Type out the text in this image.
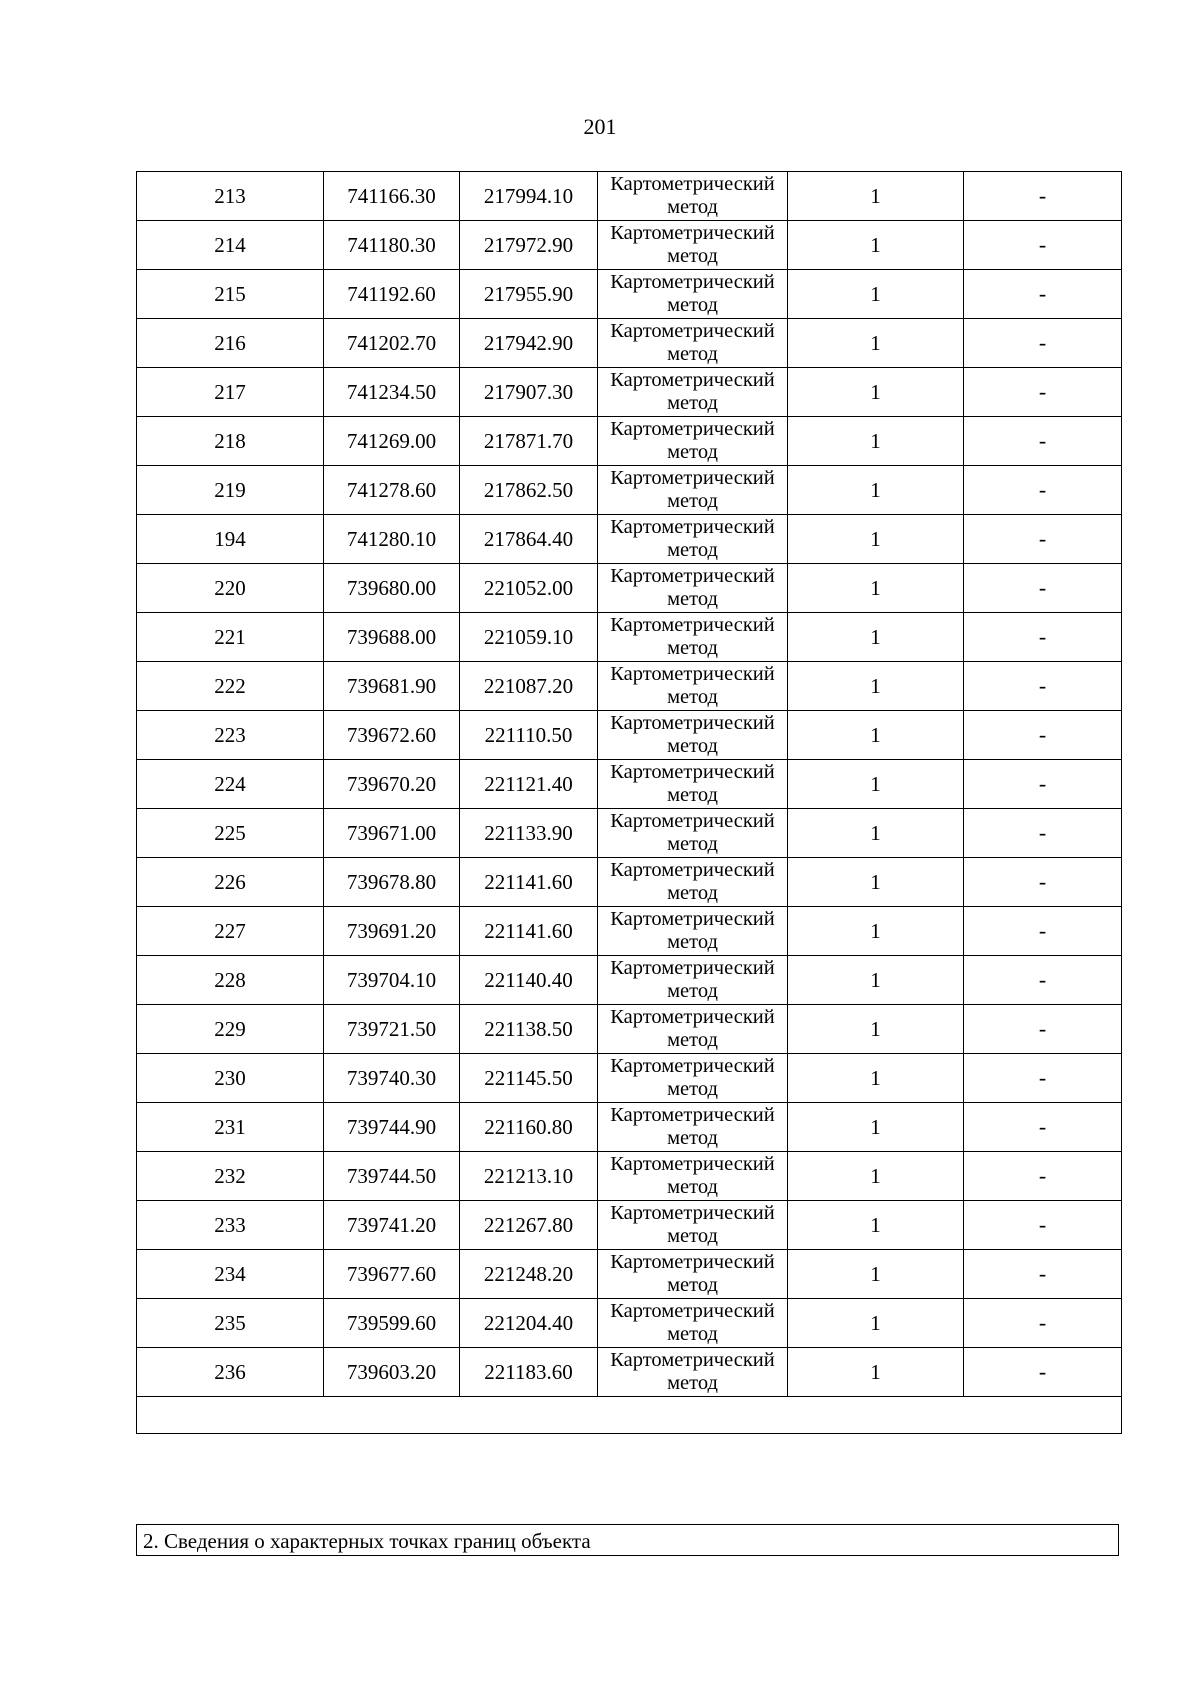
201
213	741166.30	217994.10	Картометрический метод	1	-
214	741180.30	217972.90	Картометрический метод	1	-
215	741192.60	217955.90	Картометрический метод	1	-
216	741202.70	217942.90	Картометрический метод	1	-
217	741234.50	217907.30	Картометрический метод	1	-
218	741269.00	217871.70	Картометрический метод	1	-
219	741278.60	217862.50	Картометрический метод	1	-
194	741280.10	217864.40	Картометрический метод	1	-
220	739680.00	221052.00	Картометрический метод	1	-
221	739688.00	221059.10	Картометрический метод	1	-
222	739681.90	221087.20	Картометрический метод	1	-
223	739672.60	221110.50	Картометрический метод	1	-
224	739670.20	221121.40	Картометрический метод	1	-
225	739671.00	221133.90	Картометрический метод	1	-
226	739678.80	221141.60	Картометрический метод	1	-
227	739691.20	221141.60	Картометрический метод	1	-
228	739704.10	221140.40	Картометрический метод	1	-
229	739721.50	221138.50	Картометрический метод	1	-
230	739740.30	221145.50	Картометрический метод	1	-
231	739744.90	221160.80	Картометрический метод	1	-
232	739744.50	221213.10	Картометрический метод	1	-
233	739741.20	221267.80	Картометрический метод	1	-
234	739677.60	221248.20	Картометрический метод	1	-
235	739599.60	221204.40	Картометрический метод	1	-
236	739603.20	221183.60	Картометрический метод	1	-

2. Сведения о характерных точках границ объекта
